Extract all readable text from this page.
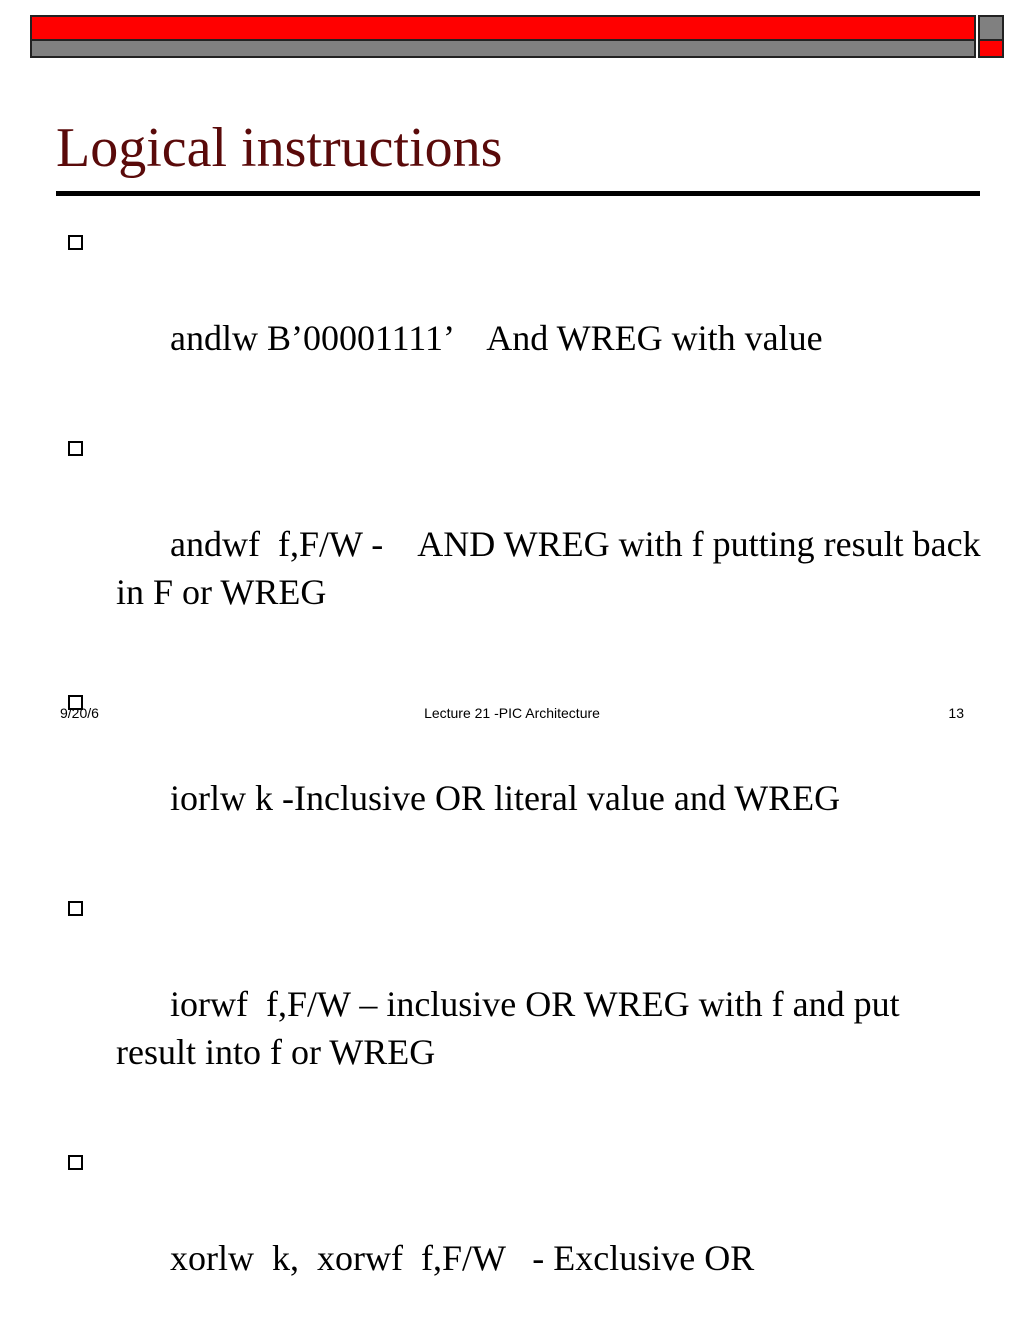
Logical instructions

andlw B’00001111’    And WREG with value

andwf  f,F/W -    AND WREG with f putting result back in F or WREG

iorlw k -Inclusive OR literal value and WREG

iorwf  f,F/W – inclusive OR WREG with f and put result into f or WREG

xorlw  k,  xorwf  f,F/W   - Exclusive OR

9/20/6	Lecture 21 -PIC Architecture	13
